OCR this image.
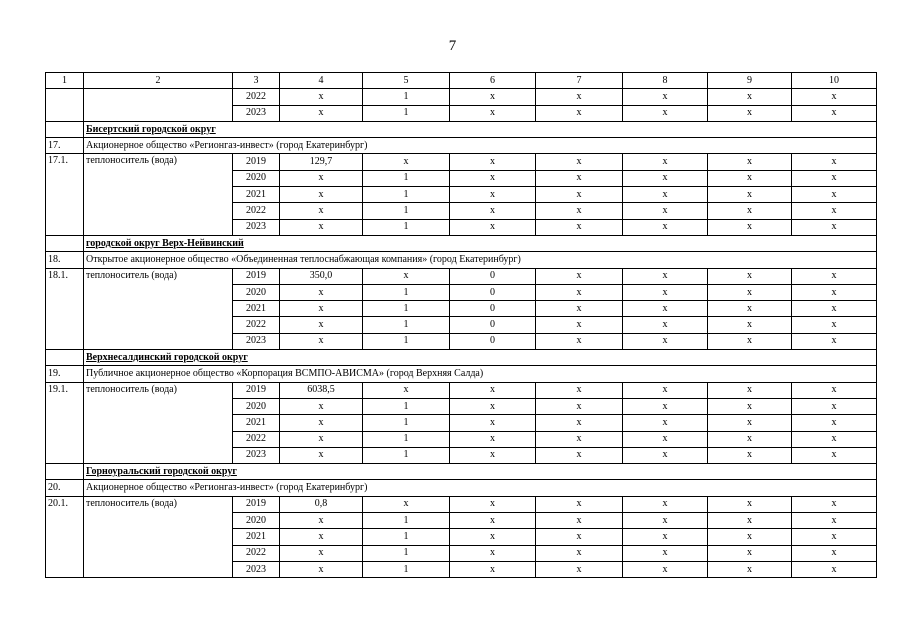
7
1	2	3	4	5	6	7	8	9	10
		2022	x	1	x	x	x	x	x
		2023	x	1	x	x	x	x	x
	Бисертский городской округ								
17.	Акционерное общество «Регионгаз-инвест» (город Екатеринбург)								
17.1.	теплоноситель (вода)	2019	129,7	x	x	x	x	x	x
		2020	x	1	x	x	x	x	x
		2021	x	1	x	x	x	x	x
		2022	x	1	x	x	x	x	x
		2023	x	1	x	x	x	x	x
	городской округ Верх-Нейвинский								
18.	Открытое акционерное общество «Объединенная теплоснабжающая компания» (город Екатеринбург)								
18.1.	теплоноситель (вода)	2019	350,0	x	0	x	x	x	x
		2020	x	1	0	x	x	x	x
		2021	x	1	0	x	x	x	x
		2022	x	1	0	x	x	x	x
		2023	x	1	0	x	x	x	x
	Верхнесалдинский городской округ								
19.	Публичное акционерное общество «Корпорация ВСМПО-АВИСМА» (город Верхняя Салда)								
19.1.	теплоноситель (вода)	2019	6038,5	x	x	x	x	x	x
		2020	x	1	x	x	x	x	x
		2021	x	1	x	x	x	x	x
		2022	x	1	x	x	x	x	x
		2023	x	1	x	x	x	x	x
	Горноуральский городской округ								
20.	Акционерное общество «Регионгаз-инвест» (город Екатеринбург)								
20.1.	теплоноситель (вода)	2019	0,8	x	x	x	x	x	x
		2020	x	1	x	x	x	x	x
		2021	x	1	x	x	x	x	x
		2022	x	1	x	x	x	x	x
		2023	x	1	x	x	x	x	x
